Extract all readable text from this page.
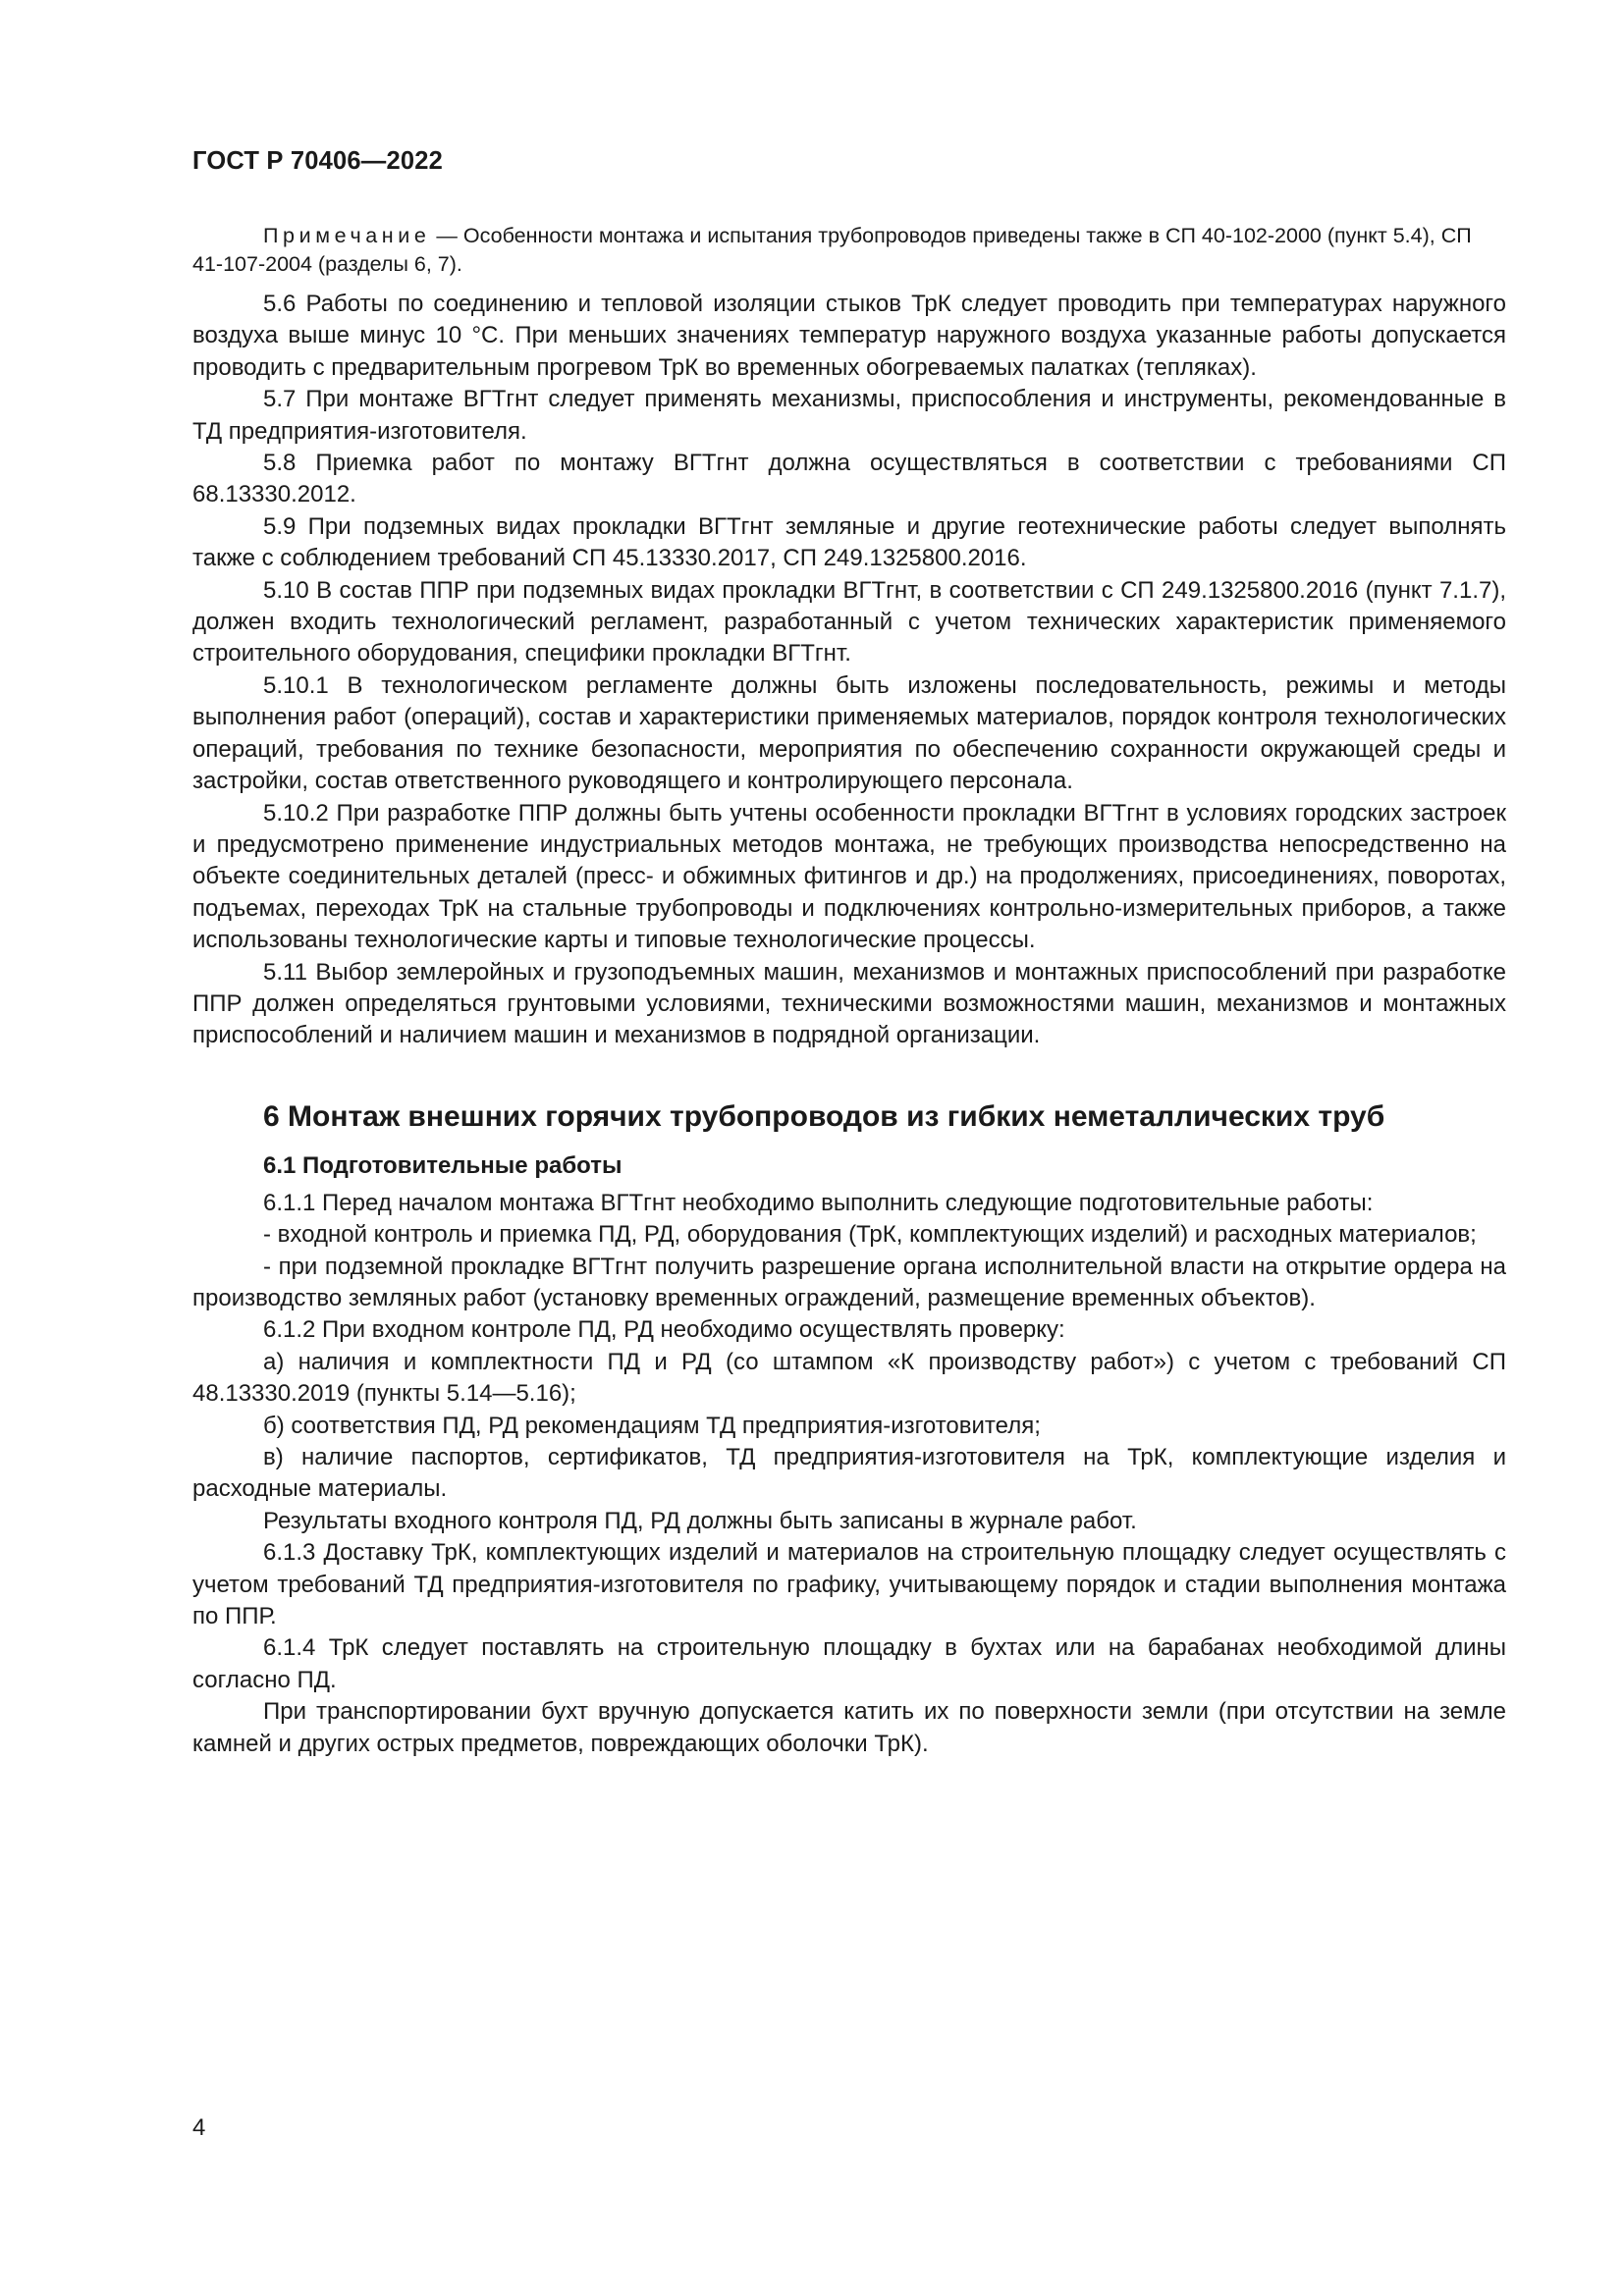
ГОСТ Р 70406—2022

Примечание — Особенности монтажа и испытания трубопроводов приведены также в СП 40-102-2000 (пункт 5.4), СП 41-107-2004 (разделы 6, 7).

5.6 Работы по соединению и тепловой изоляции стыков ТрК следует проводить при температурах наружного воздуха выше минус 10 °С. При меньших значениях температур наружного воздуха указанные работы допускается проводить с предварительным прогревом ТрК во временных обогреваемых палатках (тепляках).

5.7 При монтаже ВГТгнт следует применять механизмы, приспособления и инструменты, рекомендованные в ТД предприятия-изготовителя.

5.8 Приемка работ по монтажу ВГТгнт должна осуществляться в соответствии с требованиями СП 68.13330.2012.

5.9 При подземных видах прокладки ВГТгнт земляные и другие геотехнические работы следует выполнять также с соблюдением требований СП 45.13330.2017, СП 249.1325800.2016.

5.10 В состав ППР при подземных видах прокладки ВГТгнт, в соответствии с СП 249.1325800.2016 (пункт 7.1.7), должен входить технологический регламент, разработанный с учетом технических характеристик применяемого строительного оборудования, специфики прокладки ВГТгнт.

5.10.1 В технологическом регламенте должны быть изложены последовательность, режимы и методы выполнения работ (операций), состав и характеристики применяемых материалов, порядок контроля технологических операций, требования по технике безопасности, мероприятия по обеспечению сохранности окружающей среды и застройки, состав ответственного руководящего и контролирующего персонала.

5.10.2 При разработке ППР должны быть учтены особенности прокладки ВГТгнт в условиях городских застроек и предусмотрено применение индустриальных методов монтажа, не требующих производства непосредственно на объекте соединительных деталей (пресс- и обжимных фитингов и др.) на продолжениях, присоединениях, поворотах, подъемах, переходах ТрК на стальные трубопроводы и подключениях контрольно-измерительных приборов, а также использованы технологические карты и типовые технологические процессы.

5.11 Выбор землеройных и грузоподъемных машин, механизмов и монтажных приспособлений при разработке ППР должен определяться грунтовыми условиями, техническими возможностями машин, механизмов и монтажных приспособлений и наличием машин и механизмов в подрядной организации.

6 Монтаж внешних горячих трубопроводов из гибких неметаллических труб
6.1 Подготовительные работы

6.1.1 Перед началом монтажа ВГТгнт необходимо выполнить следующие подготовительные работы:

- входной контроль и приемка ПД, РД, оборудования (ТрК, комплектующих изделий) и расходных материалов;

- при подземной прокладке ВГТгнт получить разрешение органа исполнительной власти на открытие ордера на производство земляных работ (установку временных ограждений, размещение временных объектов).

6.1.2 При входном контроле ПД, РД необходимо осуществлять проверку:

а) наличия и комплектности ПД и РД (со штампом «К производству работ») с учетом с требований СП 48.13330.2019 (пункты 5.14—5.16);

б) соответствия ПД, РД рекомендациям ТД предприятия-изготовителя;

в) наличие паспортов, сертификатов, ТД предприятия-изготовителя на ТрК, комплектующие изделия и расходные материалы.

Результаты входного контроля ПД, РД должны быть записаны в журнале работ.

6.1.3 Доставку ТрК, комплектующих изделий и материалов на строительную площадку следует осуществлять с учетом требований ТД предприятия-изготовителя по графику, учитывающему порядок и стадии выполнения монтажа по ППР.

6.1.4 ТрК следует поставлять на строительную площадку в бухтах или на барабанах необходимой длины согласно ПД.

При транспортировании бухт вручную допускается катить их по поверхности земли (при отсутствии на земле камней и других острых предметов, повреждающих оболочки ТрК).

4
